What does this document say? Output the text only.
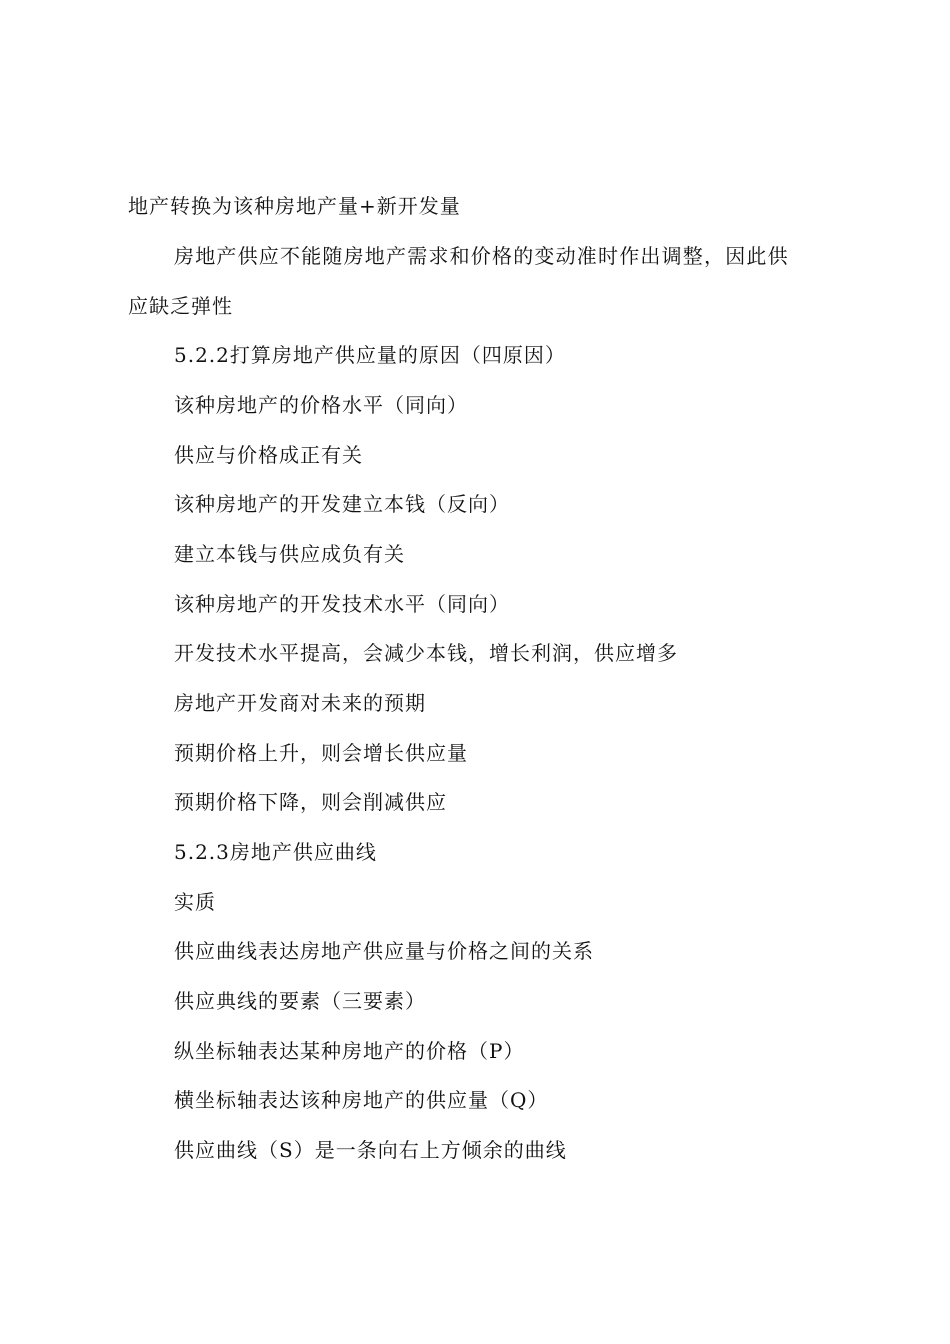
地产转换为该种房地产量+新开发量
房地产供应不能随房地产需求和价格的变动准时作出调整，因此供
应缺乏弹性
5.2.2打算房地产供应量的原因（四原因）
该种房地产的价格水平（同向）
供应与价格成正有关
该种房地产的开发建立本钱（反向）
建立本钱与供应成负有关
该种房地产的开发技术水平（同向）
开发技术水平提高，会减少本钱，增长利润，供应增多
房地产开发商对未来的预期
预期价格上升，则会增长供应量
预期价格下降，则会削减供应
5.2.3房地产供应曲线
实质
供应曲线表达房地产供应量与价格之间的关系
供应典线的要素（三要素）
纵坐标轴表达某种房地产的价格（P）
横坐标轴表达该种房地产的供应量（Q）
供应曲线（S）是一条向右上方倾余的曲线
